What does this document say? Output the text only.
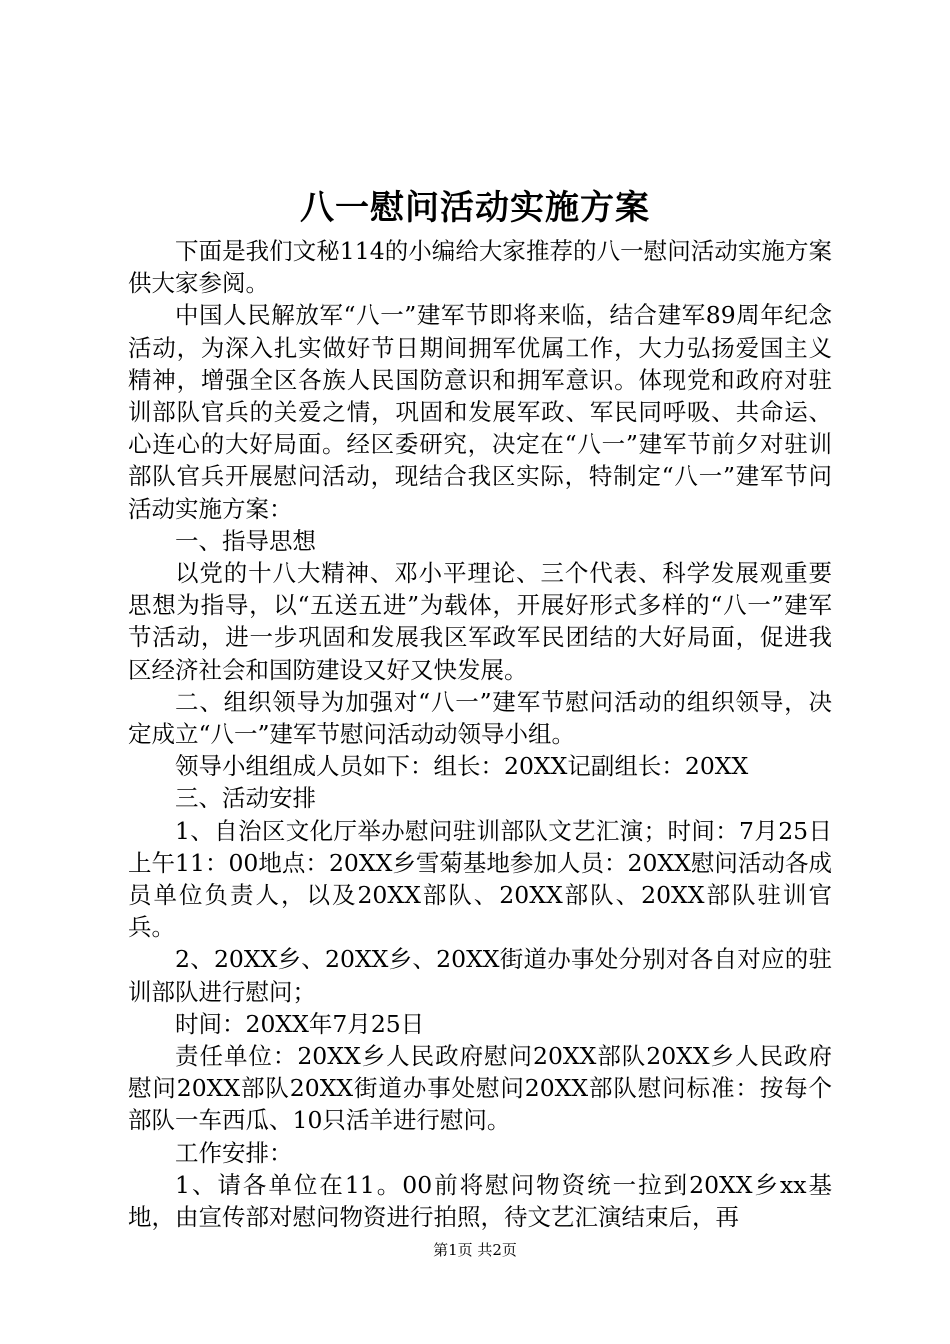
八一慰问活动实施方案

下面是我们文秘114的小编给大家推荐的八一慰问活动实施方案供大家参阅。

中国人民解放军“八一”建军节即将来临，结合建军89周年纪念活动，为深入扎实做好节日期间拥军优属工作，大力弘扬爱国主义精神，增强全区各族人民国防意识和拥军意识。体现党和政府对驻训部队官兵的关爱之情，巩固和发展军政、军民同呼吸、共命运、心连心的大好局面。经区委研究，决定在“八一”建军节前夕对驻训部队官兵开展慰问活动，现结合我区实际，特制定“八一”建军节问活动实施方案：

一、指导思想

以党的十八大精神、邓小平理论、三个代表、科学发展观重要思想为指导，以“五送五进”为载体，开展好形式多样的“八一”建军节活动，进一步巩固和发展我区军政军民团结的大好局面，促进我区经济社会和国防建设又好又快发展。

二、组织领导为加强对“八一”建军节慰问活动的组织领导，决定成立“八一”建军节慰问活动动领导小组。

领导小组组成人员如下：组长：20XX记副组长：20XX

三、活动安排

1、自治区文化厅举办慰问驻训部队文艺汇演；时间：7月25日上午11：00地点：20XX乡雪菊基地参加人员：20XX慰问活动各成员单位负责人，以及20XX部队、20XX部队、20XX部队驻训官兵。

2、20XX乡、20XX乡、20XX街道办事处分别对各自对应的驻训部队进行慰问；

时间：20XX年7月25日

责任单位：20XX乡人民政府慰问20XX部队20XX乡人民政府慰问20XX部队20XX街道办事处慰问20XX部队慰问标准：按每个部队一车西瓜、10只活羊进行慰问。

工作安排：

1、请各单位在11。00前将慰问物资统一拉到20XX乡xx基地，由宣传部对慰问物资进行拍照，待文艺汇演结束后，再

第1页 共2页
